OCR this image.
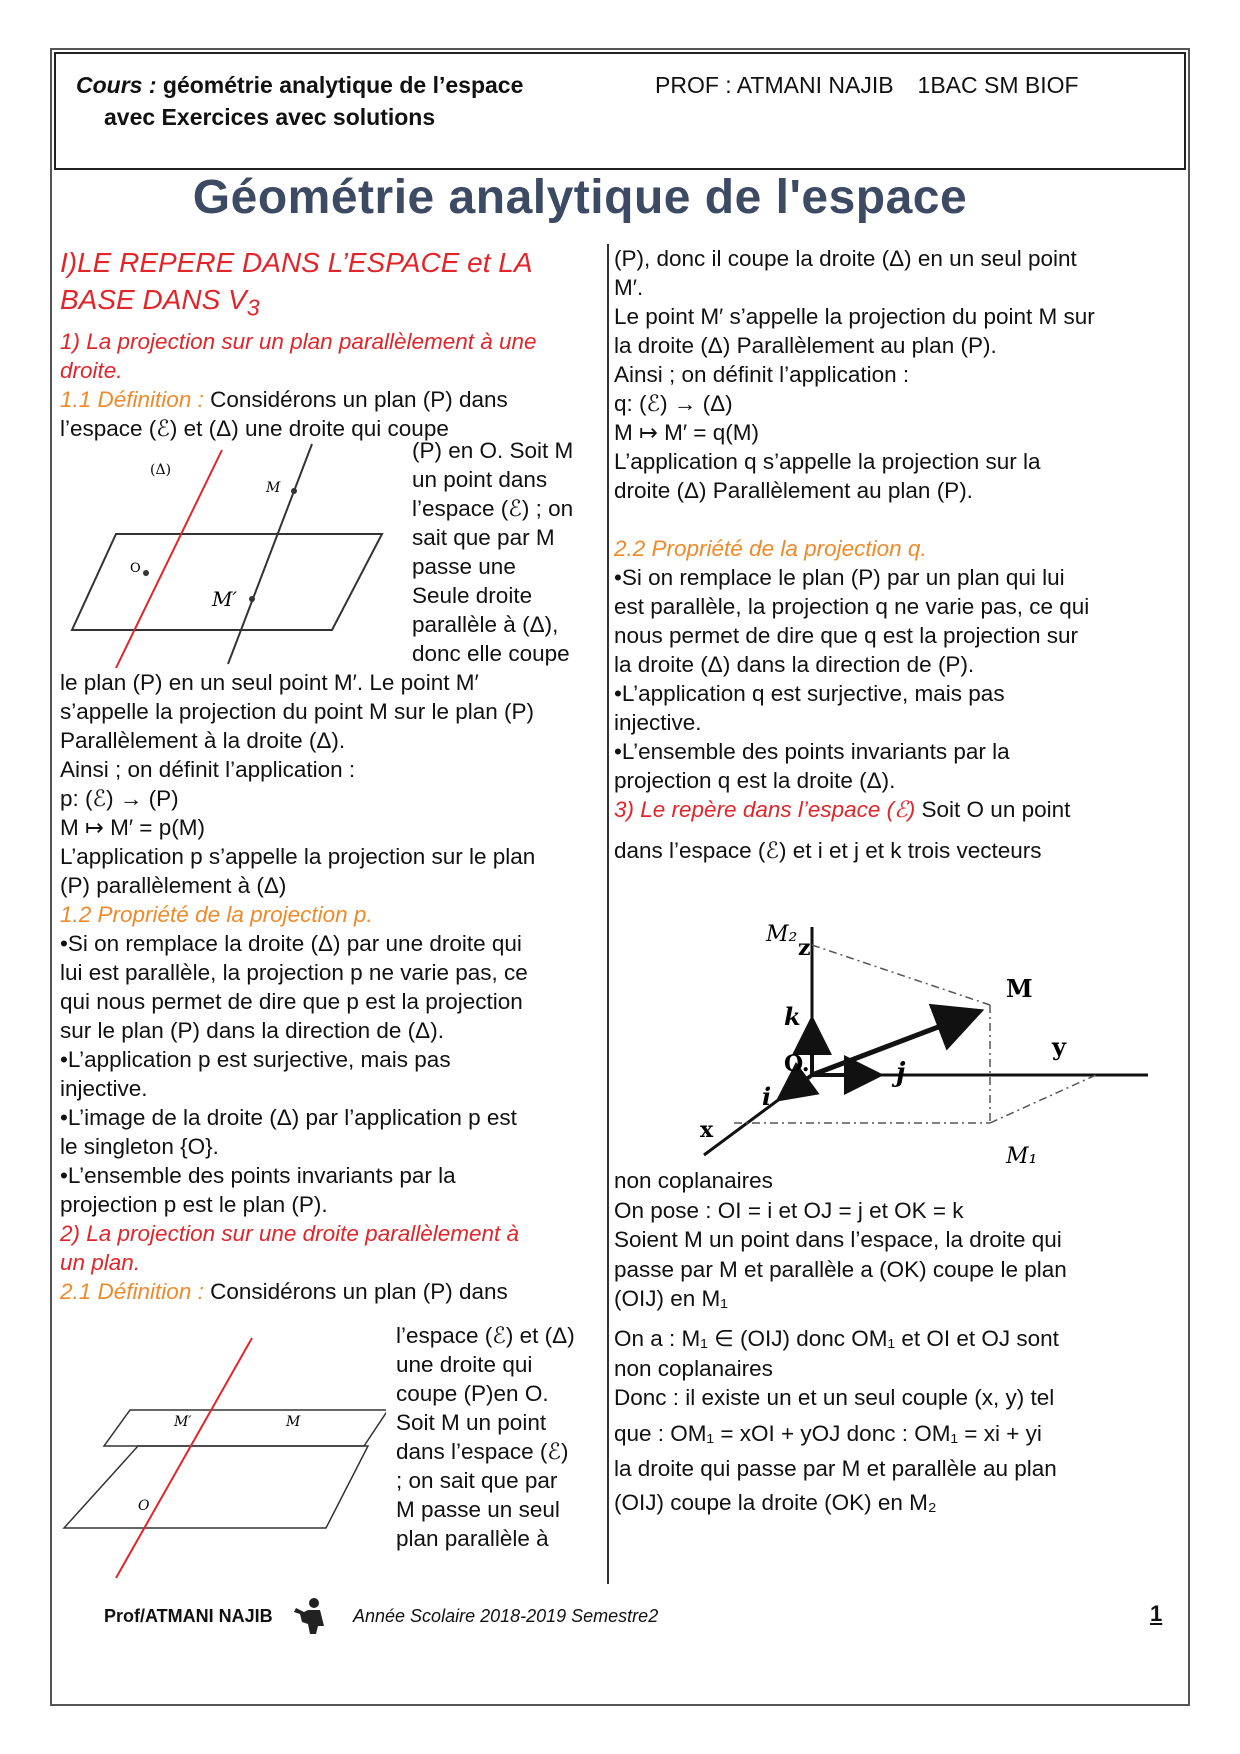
Cours : géométrie analytique de l’espace
avec Exercices avec solutions
PROF : ATMANI NAJIB 1BAC SM BIOF
Géométrie analytique de l'espace

I)LE REPERE DANS L’ESPACE et LA

BASE DANS $V_3$

1) La projection sur un plan parallèlement à une

droite.

1.1 Définition : Considérons un plan (P) dans

l’espace (ℰ) et (Δ) une droite qui coupe

(P) en O. Soit M

un point dans

l’espace (ℰ) ; on

sait que par M

passe une

Seule droite

parallèle à (Δ),

donc elle coupe

(Δ)
M
O
M′

le plan (P) en un seul point M′. Le point M′

s’appelle la projection du point M sur le plan (P)

Parallèlement à la droite (Δ).

Ainsi ; on définit l’application :

p: (ℰ) → (P)

M ↦ M′ = p(M)

L’application p s’appelle la projection sur le plan

(P) parallèlement à (Δ)

1.2 Propriété de la projection p.

•Si on remplace la droite (Δ) par une droite qui

lui est parallèle, la projection p ne varie pas, ce

qui nous permet de dire que p est la projection

sur le plan (P) dans la direction de (Δ).

•L’application p est surjective, mais pas

injective.

•L’image de la droite (Δ) par l’application p est

le singleton {O}.

•L’ensemble des points invariants par la

projection p est le plan (P).

2) La projection sur une droite parallèlement à

un plan.

2.1 Définition : Considérons un plan (P) dans

l’espace (ℰ) et (Δ)

une droite qui

coupe (P)en O.

Soit M un point

dans l’espace (ℰ)

; on sait que par

M passe un seul

plan parallèle à

M′	M
O

(P), donc il coupe la droite (Δ) en un seul point

M′.

Le point M′ s’appelle la projection du point M sur

la droite (Δ) Parallèlement au plan (P).

Ainsi ; on définit l’application :

q: (ℰ) → (Δ)

M ↦ M′ = q(M)

L’application q s’appelle la projection sur la

droite (Δ) Parallèlement au plan (P).

2.2 Propriété de la projection q.

•Si on remplace le plan (P) par un plan qui lui

est parallèle, la projection q ne varie pas, ce qui

nous permet de dire que q est la projection sur

la droite (Δ) dans la direction de (P).

•L’application q est surjective, mais pas

injective.

•L’ensemble des points invariants par la

projection q est la droite (Δ).

3) Le repère dans l’espace (ℰ) Soit O un point

dans l’espace (ℰ) et i et j et k trois vecteurs

M₂
z
M
k
O.	j
y
i
x
M₁

non coplanaires

On pose : OI = i et OJ = j et OK = k

Soient M un point dans l’espace, la droite qui

passe par M et parallèle a (OK) coupe le plan

(OIJ) en M₁

On a : M₁ ∈ (OIJ) donc OM₁ et OI et OJ sont

non coplanaires

Donc : il existe un et un seul couple (x, y) tel

que : OM₁ = xOI + yOJ donc : OM₁ = xi + yi

la droite qui passe par M et parallèle au plan

(OIJ) coupe la droite (OK) en M₂

Prof/ATMANI NAJIB	Année Scolaire 2018-2019 Semestre2	1
